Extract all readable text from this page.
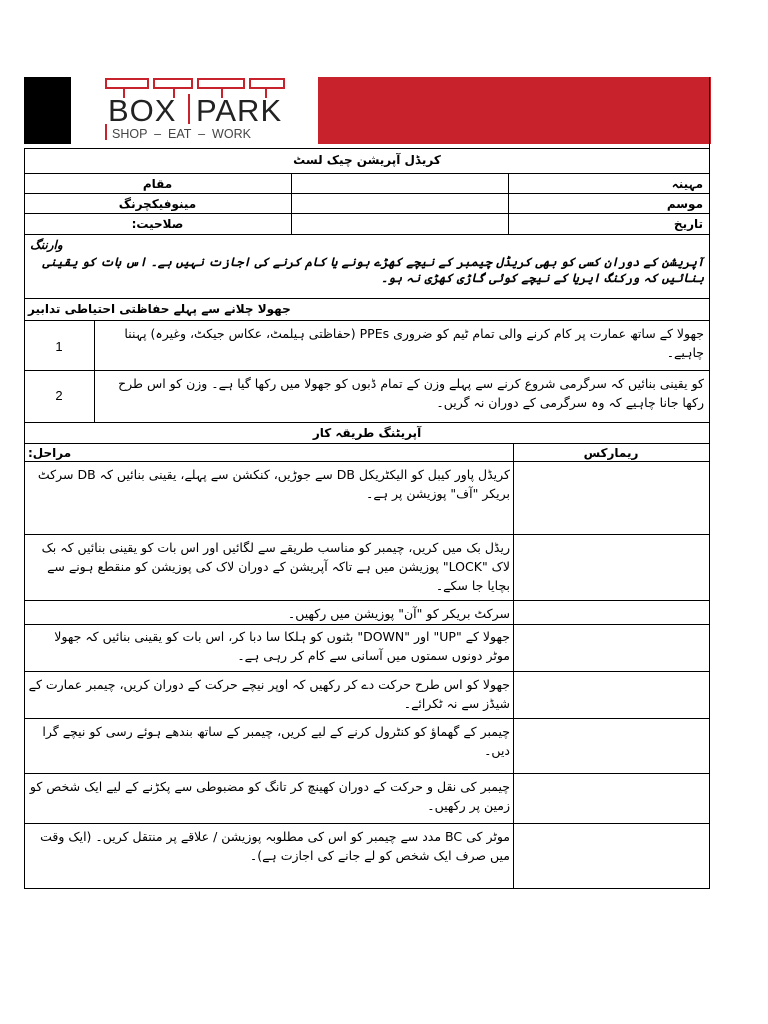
BOX PARK
SHOP  –  EAT  –  WORK
کریڈل آپریشن چیک لسٹ
مہینہ
مقام
موسم
مینوفیکچرنگ
تاریخ
صلاحیت:
وارننگ
آپریشن کے دوران کسی کو بھی کریڈل چیمبر کے نیچے کھڑے ہونے یا کام کرنے کی اجازت نہیں ہے۔ اس بات کو یقینی بنائیں کہ ورکنگ ایریا کے نیچے کوئی گاڑی کھڑی نہ ہو۔
جھولا چلانے سے پہلے حفاظتی احتیاطی تدابیر
1
جھولا کے ساتھ عمارت پر کام کرنے والی تمام ٹیم کو ضروری PPEs (حفاظتی ہیلمٹ، عکاس جیکٹ، وغیرہ) پہننا چاہیے۔
2
کو یقینی بنائیں کہ سرگرمی شروع کرنے سے پہلے وزن کے تمام ڈبوں کو جھولا میں رکھا گیا ہے۔ وزن کو اس طرح رکھا جانا چاہیے کہ وہ سرگرمی کے دوران نہ گریں۔
آپریٹنگ طریقہ کار
مراحل:	ریمارکس
کریڈل پاور کیبل کو الیکٹریکل DB سے جوڑیں، کنکشن سے پہلے، یقینی بنائیں کہ DB سرکٹ بریکر "آف" پوزیشن پر ہے۔
ریڈل بک میں کریں، چیمبر کو مناسب طریقے سے لگائیں اور اس بات کو یقینی بنائیں کہ بک لاک "LOCK" پوزیشن میں ہے تاکہ آپریشن کے دوران لاک کی پوزیشن کو منقطع ہونے سے بچایا جا سکے۔
سرکٹ بریکر کو "آن" پوزیشن میں رکھیں۔
جھولا کے "UP" اور "DOWN" بٹنوں کو ہلکا سا دبا کر، اس بات کو یقینی بنائیں کہ جھولا موٹر دونوں سمتوں میں آسانی سے کام کر رہی ہے۔
جھولا کو اس طرح حرکت دے کر رکھیں کہ اوپر نیچے حرکت کے دوران کریں، چیمبر عمارت کے شیڈز سے نہ ٹکرائے۔
چیمبر کے گھماؤ کو کنٹرول کرنے کے لیے کریں، چیمبر کے ساتھ بندھے ہوئے رسی کو نیچے گرا دیں۔
چیمبر کی نقل و حرکت کے دوران کھینچ کر تانگ کو مضبوطی سے پکڑنے کے لیے ایک شخص کو زمین پر رکھیں۔
موٹر کی BC مدد سے چیمبر کو اس کی مطلوبہ پوزیشن / علاقے پر منتقل کریں۔ (ایک وقت میں صرف ایک شخص کو لے جانے کی اجازت ہے)۔
